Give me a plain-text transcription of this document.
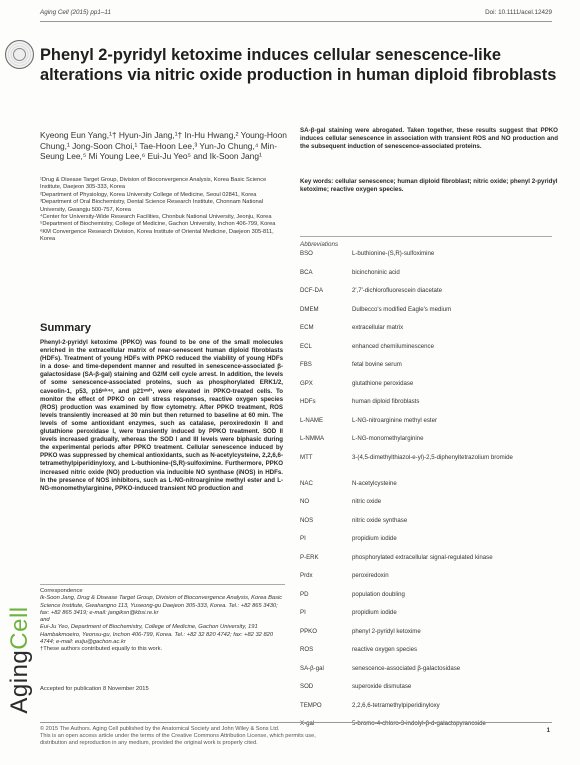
Aging Cell (2015) pp1–11	Doi: 10.1111/acel.12429
Phenyl 2-pyridyl ketoxime induces cellular senescence-like alterations via nitric oxide production in human diploid fibroblasts
Kyeong Eun Yang,¹† Hyun-Jin Jang,¹† In-Hu Hwang,² Young-Hoon Chung,¹ Jong-Soon Choi,¹ Tae-Hoon Lee,³ Yun-Jo Chung,⁴ Min-Seung Lee,⁵ Mi Young Lee,⁶ Eui-Ju Yeo⁵ and Ik-Soon Jang¹

¹Drug & Disease Target Group, Division of Bioconvergence Analysis, Korea Basic Science Institute, Daejeon 305-333, Korea

²Department of Physiology, Korea University College of Medicine, Seoul 02841, Korea

³Department of Oral Biochemistry, Dental Science Research Institute, Chonnam National University, Gwangju 500-757, Korea

⁴Center for University-Wide Research Facilities, Chonbuk National University, Jeonju, Korea

⁵Department of Biochemistry, College of Medicine, Gachon University, Inchon 406-799, Korea

⁶KM Convergence Research Division, Korea Institute of Oriental Medicine, Daejeon 305-811, Korea

Summary

Phenyl-2-pyridyl ketoxime (PPKO) was found to be one of the small molecules enriched in the extracellular matrix of near-senescent human diploid fibroblasts (HDFs). Treatment of young HDFs with PPKO reduced the viability of young HDFs in a dose- and time-dependent manner and resulted in senescence-associated β-galactosidase (SA-β-gal) staining and G2/M cell cycle arrest. In addition, the levels of some senescence-associated proteins, such as phosphorylated ERK1/2, caveolin-1, p53, p16ᶦⁿᵏ⁴ᵃ, and p21ʷᵃᶠ¹, were elevated in PPKO-treated cells. To monitor the effect of PPKO on cell stress responses, reactive oxygen species (ROS) production was examined by flow cytometry. After PPKO treatment, ROS levels transiently increased at 30 min but then returned to baseline at 60 min. The levels of some antioxidant enzymes, such as catalase, peroxiredoxin II and glutathione peroxidase I, were transiently induced by PPKO treatment. SOD II levels increased gradually, whereas the SOD I and III levels were biphasic during the experimental periods after PPKO treatment. Cellular senescence induced by PPKO was suppressed by chemical antioxidants, such as N-acetylcysteine, 2,2,6,6-tetramethylpiperidinyloxy, and L-buthionine-(S,R)-sulfoximine. Furthermore, PPKO increased nitric oxide (NO) production via inducible NO synthase (iNOS) in HDFs. In the presence of NOS inhibitors, such as L-NG-nitroarginine methyl ester and L-NG-monomethylarginine, PPKO-induced transient NO production and

Correspondence

Ik-Soon Jang, Drug & Disease Target Group, Division of Bioconvergence Analysis, Korea Basic Science Institute, Gwahangno 113, Yuseong-gu Daejeon 305-333, Korea. Tel.: +82 865 3430; fax: +82 865 3419; e-mail: jangiksn@kbsi.re.kr

and

Eui-Ju Yeo, Department of Biochemistry, College of Medicine, Gachon University, 191 Hambakmoeiro, Yeonsu-gu, Inchon 406-799, Korea. Tel.: +82 32 820 4742; fax: +82 32 820 4744; e-mail: euiju@gachon.ac.kr

†These authors contributed equally to this work.

Accepted for publication 8 November 2015
AgingCell

SA-β-gal staining were abrogated. Taken together, these results suggest that PPKO induces cellular senescence in association with transient ROS and NO production and the subsequent induction of senescence-associated proteins.

Key words: cellular senescence; human diploid fibroblast; nitric oxide; phenyl 2-pyridyl ketoxime; reactive oxygen species.

Abbreviations
BSO	L-buthionine-(S,R)-sulfoximine
BCA	bicinchoninic acid
DCF-DA	2′,7′-dichlorofluorescein diacetate
DMEM	Dulbecco's modified Eagle's medium
ECM	extracellular matrix
ECL	enhanced chemiluminescence
FBS	fetal bovine serum
GPX	glutathione peroxidase
HDFs	human diploid fibroblasts
L-NAME	L-NG-nitroarginine methyl ester
L-NMMA	L-NG-monomethylarginine
MTT	3-(4,5-dimethylthiazol-e-yl)-2,5-diphenyltetrazolium bromide
NAC	N-acetylcysteine
NO	nitric oxide
NOS	nitric oxide synthase
PI	propidium iodide
P-ERK	phosphorylated extracellular signal-regulated kinase
Prdx	peroxiredoxin
PD	population doubling
PI	propidium iodide
PPKO	phenyl 2-pyridyl ketoxime
ROS	reactive oxygen species
SA-β-gal	senescence-associated β-galactosidase
SOD	superoxide dismutase
TEMPO	2,2,6,6-tetramethylpiperidinyloxy
X-gal	5-bromo-4-chloro-3-indolyl-β-d-galactopyranoside

© 2015 The Authors. Aging Cell published by the Anatomical Society and John Wiley & Sons Ltd.

This is an open access article under the terms of the Creative Commons Attribution License, which permits use,

distribution and reproduction in any medium, provided the original work is properly cited.

1
